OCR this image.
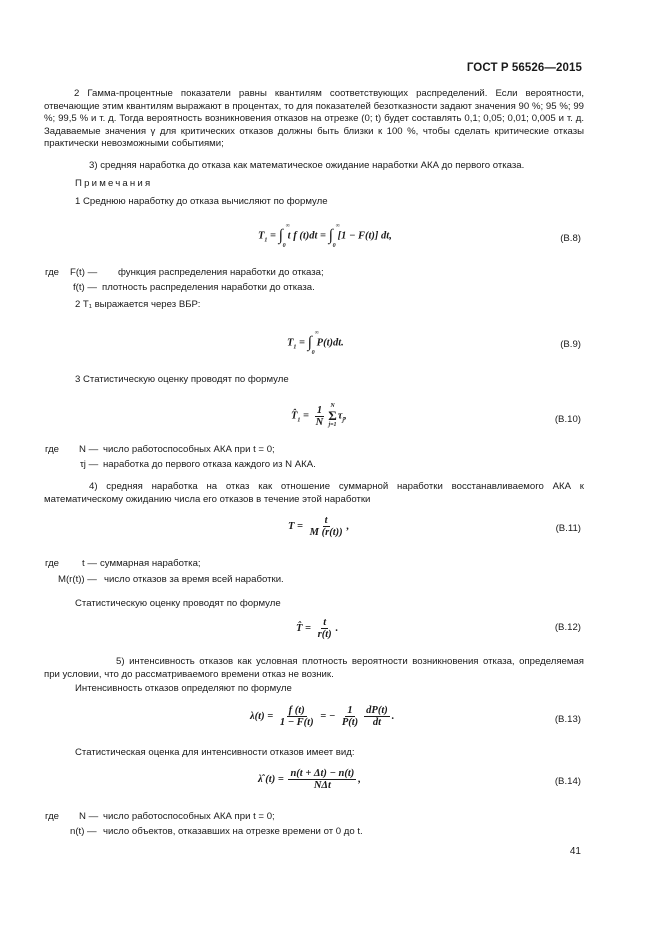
ГОСТ Р 56526—2015
2 Гамма-процентные показатели равны квантилям соответствующих распределений. Если вероятности, отвечающие этим квантилям выражают в процентах, то для показателей безотказности задают значения 90 %; 95 %; 99 %; 99,5 % и т. д. Тогда вероятность возникновения отказов на отрезке (0; t) будет составлять 0,1; 0,05; 0,01; 0,005 и т. д. Задаваемые значения γ для критических отказов должны быть близки к 100 %, чтобы сделать критические отказы практически невозможными событиями;
3) средняя наработка до отказа как математическое ожидание наработки АКА до первого отказа.
Примечания
1 Среднюю наработку до отказа вычисляют по формуле
$T_1$ =
∫ ∞
0
t f (t)dt =
∫ ∞
0
[1 − F(t)] dt,	(В.8)
где F(t) — функция распределения наработки до отказа;
f(t) — плотность распределения наработки до отказа.
2 T₁ выражается через ВБР:
$T_1$ =
∫ ∞
0
P(t)dt.	(В.9)
3 Статистическую оценку проводят по формуле
$T̂_1 = \frac{1}{N}$ N
Σ
j=1
$\tau_j$,	(В.10)
где N — число работоспособных АКА при t = 0;
τj — наработка до первого отказа каждого из N АКА.
4) средняя наработка на отказ как отношение суммарной наработки восстанавливаемого АКА к математическому ожиданию числа его отказов в течение этой наработки
$T = \frac{t}{M (r(t))}$ ,	(В.11)
где t — суммарная наработка;
M(r(t)) — число отказов за время всей наработки.
Статистическую оценку проводят по формуле
T̂ = $\frac{t}{r(t)}$ .	(В.12)
5) интенсивность отказов как условная плотность вероятности возникновения отказа, определяемая при условии, что до рассматриваемого времени отказ не возник.
Интенсивность отказов определяют по формуле
$\lambda(t) = \frac{f (t)}{1 - F(t)}$ = − $\frac{1}{P(t)} \frac{dP(t)}{dt}$ .	(В.13)
Статистическая оценка для интенсивности отказов имеет вид:
λ̂ $(t) = \frac{n(t + \Delta t) - n(t)}{\text{NΔt}}$ ,	(В.14)
где N — число работоспособных АКА при t = 0;
n(t) — число объектов, отказавших на отрезке времени от 0 до t.
41
